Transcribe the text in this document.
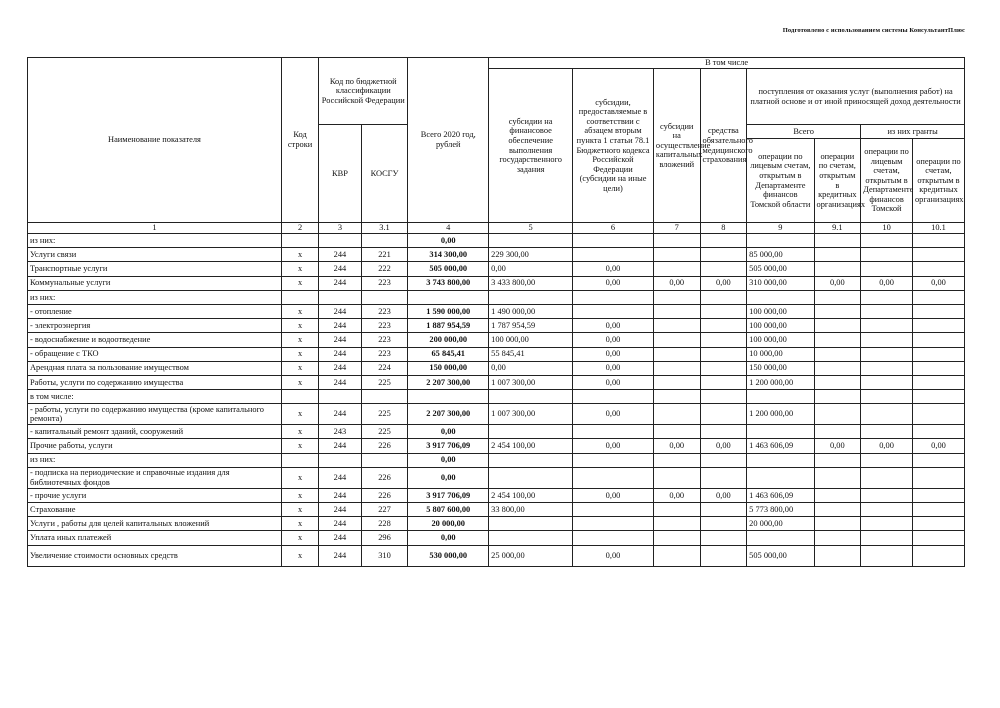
Подготовлено с использованием системы КонсультантПлюс
Наименование показателя	Код строки	Код по бюджетной классификации Российской Федерации		Всего 2020 год, рублей	В том числе							
					субсидии на финансовое обеспечение выполнения государственного задания	субсидии, предоставляемые в соответствии с абзацем вторым пункта 1 статьи 78.1 Бюджетного кодекса Российской Федерации (субсидии на иные цели)	субсидии на осуществление капитальных вложений	средства обязательного медицинского страхования	поступления от оказания услуг (выполнения работ) на платной основе и от иной приносящей доход деятельности			
		КВР	КОСГУ						Всего		из них гранты	
									операции по лицевым счетам, открытым в Департаменте финансов Томской области	операции по счетам, открытым в кредитных организациях	операции по лицевым счетам, открытым в Департаменте финансов Томской	операции по счетам, открытым в кредитных организациях
1	2	3	3.1	4	5	6	7	8	9	9.1	10	10.1
из них:				0,00								
Услуги связи	х	244	221	314 300,00	229 300,00				85 000,00			
Транспортные услуги	х	244	222	505 000,00	0,00	0,00			505 000,00			
Коммунальные услуги	х	244	223	3 743 800,00	3 433 800,00	0,00	0,00	0,00	310 000,00	0,00	0,00	0,00
из них:												
- отопление	х	244	223	1 590 000,00	1 490 000,00				100 000,00			
- электроэнергия	х	244	223	1 887 954,59	1 787 954,59	0,00			100 000,00			
- водоснабжение и водоотведение	х	244	223	200 000,00	100 000,00	0,00			100 000,00			
- обращение с ТКО	х	244	223	65 845,41	55 845,41	0,00			10 000,00			
Арендная плата за пользование имуществом	х	244	224	150 000,00	0,00	0,00			150 000,00			
Работы, услуги по содержанию имущества	х	244	225	2 207 300,00	1 007 300,00	0,00			1 200 000,00			
в том числе:												
- работы, услуги по содержанию имущества (кроме капитального ремонта)	х	244	225	2 207 300,00	1 007 300,00	0,00			1 200 000,00			
- капитальный ремонт зданий, сооружений	х	243	225	0,00								
Прочие работы, услуги	х	244	226	3 917 706,09	2 454 100,00	0,00	0,00	0,00	1 463 606,09	0,00	0,00	0,00
из них:				0,00								
- подписка на периодические и справочные издания для библиотечных фондов	х	244	226	0,00								
- прочие услуги	х	244	226	3 917 706,09	2 454 100,00	0,00	0,00	0,00	1 463 606,09			
Страхование	х	244	227	5 807 600,00	33 800,00				5 773 800,00			
Услуги , работы для целей капитальных вложений	х	244	228	20 000,00					20 000,00			
Уплата иных платежей	х	244	296	0,00								
Увеличение стоимости основных средств	х	244	310	530 000,00	25 000,00	0,00			505 000,00			
